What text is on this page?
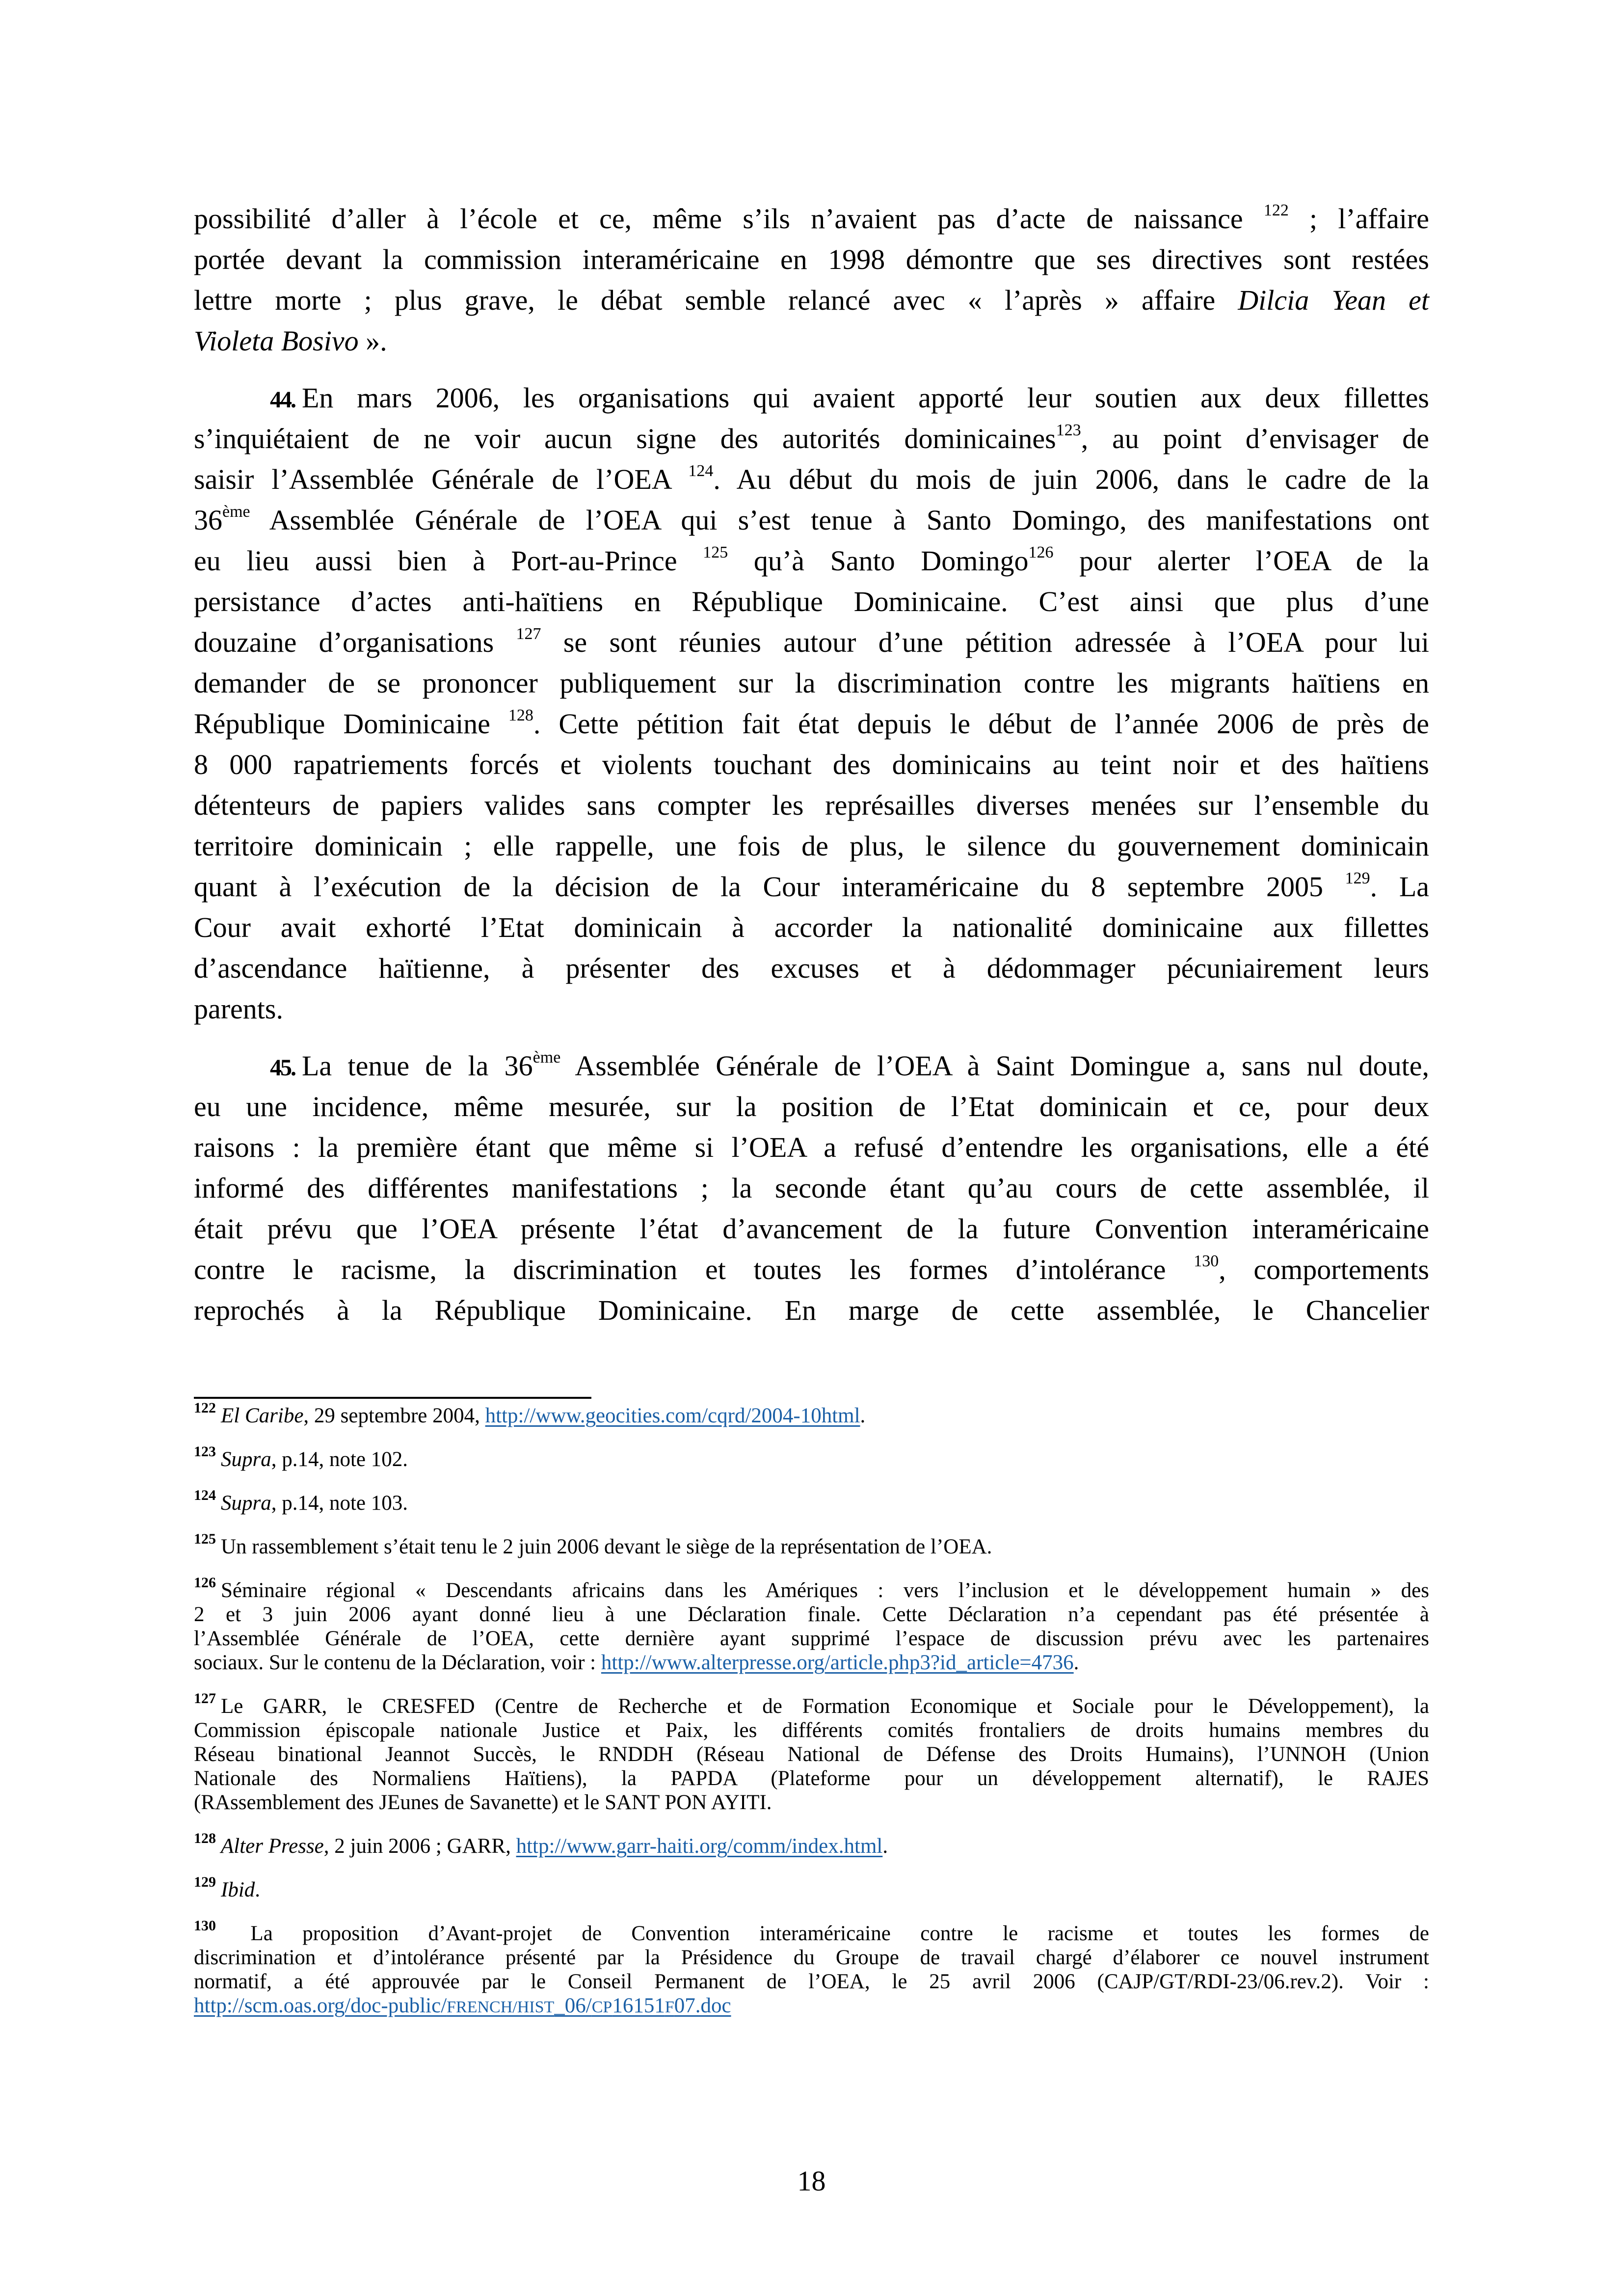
possibilité d’aller à l’école et ce, même s’ils n’avaient pas d’acte de naissance $^{122}$ ; l’affaire
portée devant la commission interaméricaine en 1998 démontre que ses directives sont restées
lettre morte ; plus grave, le débat semble relancé avec « l’après » affaire Dilcia Yean et
Violeta Bosivo ».
44. En mars 2006, les organisations qui avaient apporté leur soutien aux deux fillettes
s’inquiétaient de ne voir aucun signe des autorités dominicaines$^{123}$, au point d’envisager de
saisir l’Assemblée Générale de l’OEA $^{124}$. Au début du mois de juin 2006, dans le cadre de la
36ème Assemblée Générale de l’OEA qui s’est tenue à Santo Domingo, des manifestations ont
eu lieu aussi bien à Port-au-Prince $^{125}$ qu’à Santo Domingo$^{126}$ pour alerter l’OEA de la
persistance d’actes anti-haïtiens en République Dominicaine. C’est ainsi que plus d’une
douzaine d’organisations $^{127}$ se sont réunies autour d’une pétition adressée à l’OEA pour lui
demander de se prononcer publiquement sur la discrimination contre les migrants haïtiens en
République Dominicaine $^{128}$. Cette pétition fait état depuis le début de l’année 2006 de près de
8 000 rapatriements forcés et violents touchant des dominicains au teint noir et des haïtiens
détenteurs de papiers valides sans compter les représailles diverses menées sur l’ensemble du
territoire dominicain ; elle rappelle, une fois de plus, le silence du gouvernement dominicain
quant à l’exécution de la décision de la Cour interaméricaine du 8 septembre 2005 $^{129}$. La
Cour avait exhorté l’Etat dominicain à accorder la nationalité dominicaine aux fillettes
d’ascendance haïtienne, à présenter des excuses et à dédommager pécuniairement leurs
parents.
45. La tenue de la 36ème Assemblée Générale de l’OEA à Saint Domingue a, sans nul doute,
eu une incidence, même mesurée, sur la position de l’Etat dominicain et ce, pour deux
raisons : la première étant que même si l’OEA a refusé d’entendre les organisations, elle a été
informé des différentes manifestations ; la seconde étant qu’au cours de cette assemblée, il
était prévu que l’OEA présente l’état d’avancement de la future Convention interaméricaine
contre le racisme, la discrimination et toutes les formes d’intolérance $^{130}$, comportements
reprochés à la République Dominicaine. En marge de cette assemblée, le Chancelier
$^{122}$ El Caribe, 29 septembre 2004, http://www.geocities.com/cqrd/2004-10html.
$^{123}$ Supra, p.14, note 102.
$^{124}$ Supra, p.14, note 103.
$^{125}$ Un rassemblement s’était tenu le 2 juin 2006 devant le siège de la représentation de l’OEA.
$^{126}$ Séminaire régional « Descendants africains dans les Amériques : vers l’inclusion et le développement humain » des
2 et 3 juin 2006 ayant donné lieu à une Déclaration finale. Cette Déclaration n’a cependant pas été présentée à
l’Assemblée Générale de l’OEA, cette dernière ayant supprimé l’espace de discussion prévu avec les partenaires
sociaux. Sur le contenu de la Déclaration, voir : http://www.alterpresse.org/article.php3?id_article=4736.
$^{127}$ Le GARR, le CRESFED (Centre de Recherche et de Formation Economique et Sociale pour le Développement), la
Commission épiscopale nationale Justice et Paix, les différents comités frontaliers de droits humains membres du
Réseau binational Jeannot Succès, le RNDDH (Réseau National de Défense des Droits Humains), l’UNNOH (Union
Nationale des Normaliens Haïtiens), la PAPDA (Plateforme pour un développement alternatif), le RAJES
(RAssemblement des JEunes de Savanette) et le SANT PON AYITI.
$^{128}$ Alter Presse, 2 juin 2006 ; GARR, http://www.garr-haiti.org/comm/index.html.
$^{129}$ Ibid.
$^{130}$ La proposition d’Avant-projet de Convention interaméricaine contre le racisme et toutes les formes de
discrimination et d’intolérance présenté par la Présidence du Groupe de travail chargé d’élaborer ce nouvel instrument
normatif, a été approuvée par le Conseil Permanent de l’OEA, le 25 avril 2006 (CAJP/GT/RDI-23/06.rev.2). Voir :
http://scm.oas.org/doc-public/FRENCH/HIST_06/CP16151F07.doc
18
